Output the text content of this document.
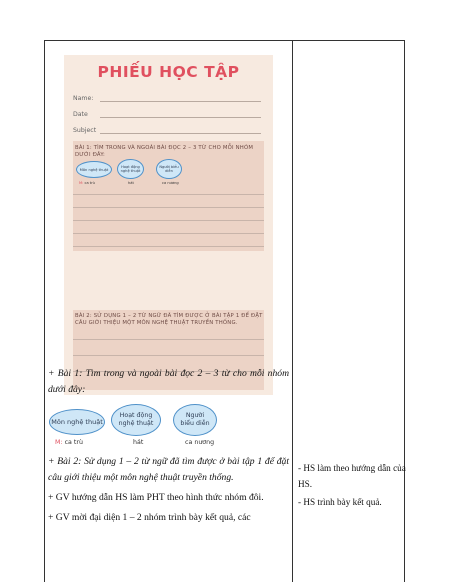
PHIẾU HỌC TẬP
Name:
Date
Subject
BÀI 1: TÌM TRONG VÀ NGOÀI BÀI ĐỌC 2 – 3 TỪ CHO MỖI NHÓM DƯỚI ĐÂY:
Môn nghệ thuật
Hoạt động nghệ thuật
Người biểu diễn
M: ca trù	hát	ca nương
BÀI 2: SỬ DỤNG 1 – 2 TỪ NGỮ ĐÃ TÌM ĐƯỢC Ở BÀI TẬP 1 ĐỂ ĐẶT CÂU GIỚI THIỆU MỘT MÔN NGHỆ THUẬT TRUYỀN THỐNG.
+ Bài 1: Tìm trong và ngoài bài đọc 2 – 3 từ cho mỗi nhóm dưới đây:
Môn nghệ thuật
Hoạt động nghệ thuật
Người biểu diễn
M: ca trù	hát	ca nương
+ Bài 2: Sử dụng 1 – 2 từ ngữ đã tìm được ở bài tập 1 để đặt câu giới thiệu một môn nghệ thuật truyền thống.
+ GV hướng dẫn HS làm PHT theo hình thức nhóm đôi.
+ GV mời đại diện 1 – 2 nhóm trình bày kết quả, các
- HS làm theo hướng dẫn của HS.
- HS trình bày kết quả.
